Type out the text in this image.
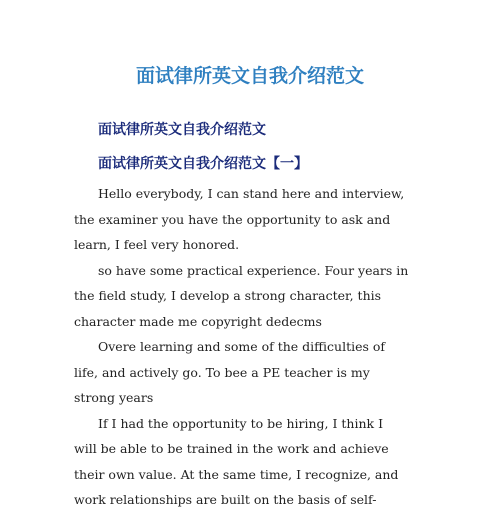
面试律所英文自我介绍范文
面试律所英文自我介绍范文
面试律所英文自我介绍范文【一】

Hello everybody, I can stand here and interview,
the examiner you have the opportunity to ask and
learn, I feel very honored.

so have some practical experience. Four years in
the field study, I develop a strong character, this
character made me copyright dedecms

Overe learning and some of the difficulties of
life, and actively go. To bee a PE teacher is my
strong years

If I had the opportunity to be hiring, I think I
will be able to be trained in the work and achieve
their own value. At the same time, I recognize, and
work relationships are built on the basis of self-
